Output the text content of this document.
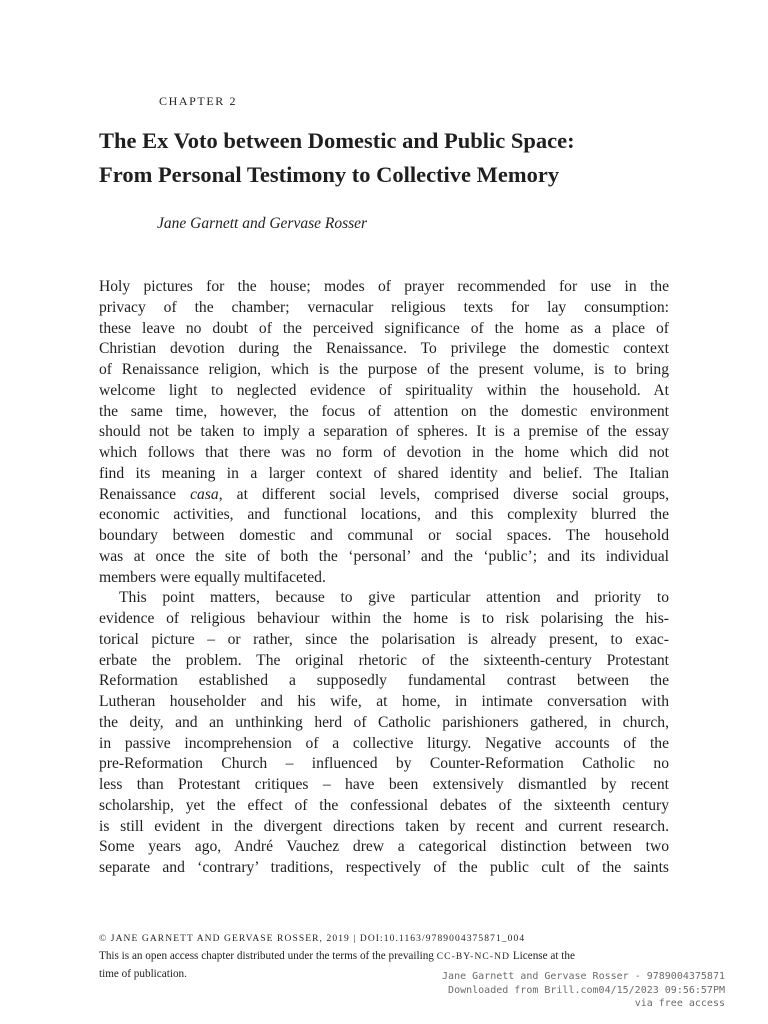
CHAPTER 2
The Ex Voto between Domestic and Public Space:
From Personal Testimony to Collective Memory
Jane Garnett and Gervase Rosser

Holy pictures for the house; modes of prayer recommended for use in the
privacy of the chamber; vernacular religious texts for lay consumption:
these leave no doubt of the perceived significance of the home as a place of
Christian devotion during the Renaissance. To privilege the domestic context
of Renaissance religion, which is the purpose of the present volume, is to bring
welcome light to neglected evidence of spirituality within the household. At
the same time, however, the focus of attention on the domestic environment
should not be taken to imply a separation of spheres. It is a premise of the essay
which follows that there was no form of devotion in the home which did not
find its meaning in a larger context of shared identity and belief. The Italian
Renaissance casa, at different social levels, comprised diverse social groups,
economic activities, and functional locations, and this complexity blurred the
boundary between domestic and communal or social spaces. The household
was at once the site of both the ‘personal’ and the ‘public’; and its individual
members were equally multifaceted.

This point matters, because to give particular attention and priority to
evidence of religious behaviour within the home is to risk polarising the his-
torical picture – or rather, since the polarisation is already present, to exac-
erbate the problem. The original rhetoric of the sixteenth-century Protestant
Reformation established a supposedly fundamental contrast between the
Lutheran householder and his wife, at home, in intimate conversation with
the deity, and an unthinking herd of Catholic parishioners gathered, in church,
in passive incomprehension of a collective liturgy. Negative accounts of the
pre-Reformation Church – influenced by Counter-Reformation Catholic no
less than Protestant critiques – have been extensively dismantled by recent
scholarship, yet the effect of the confessional debates of the sixteenth century
is still evident in the divergent directions taken by recent and current research.
Some years ago, André Vauchez drew a categorical distinction between two
separate and ‘contrary’ traditions, respectively of the public cult of the saints

© JANE GARNETT AND GERVASE ROSSER, 2019 | DOI:10.1163/9789004375871_004
This is an open access chapter distributed under the terms of the prevailing CC-BY-NC-ND License at the
time of publication.	Jane Garnett and Gervase Rosser - 9789004375871
Downloaded from Brill.com04/15/2023 09:56:57PM
via free access
